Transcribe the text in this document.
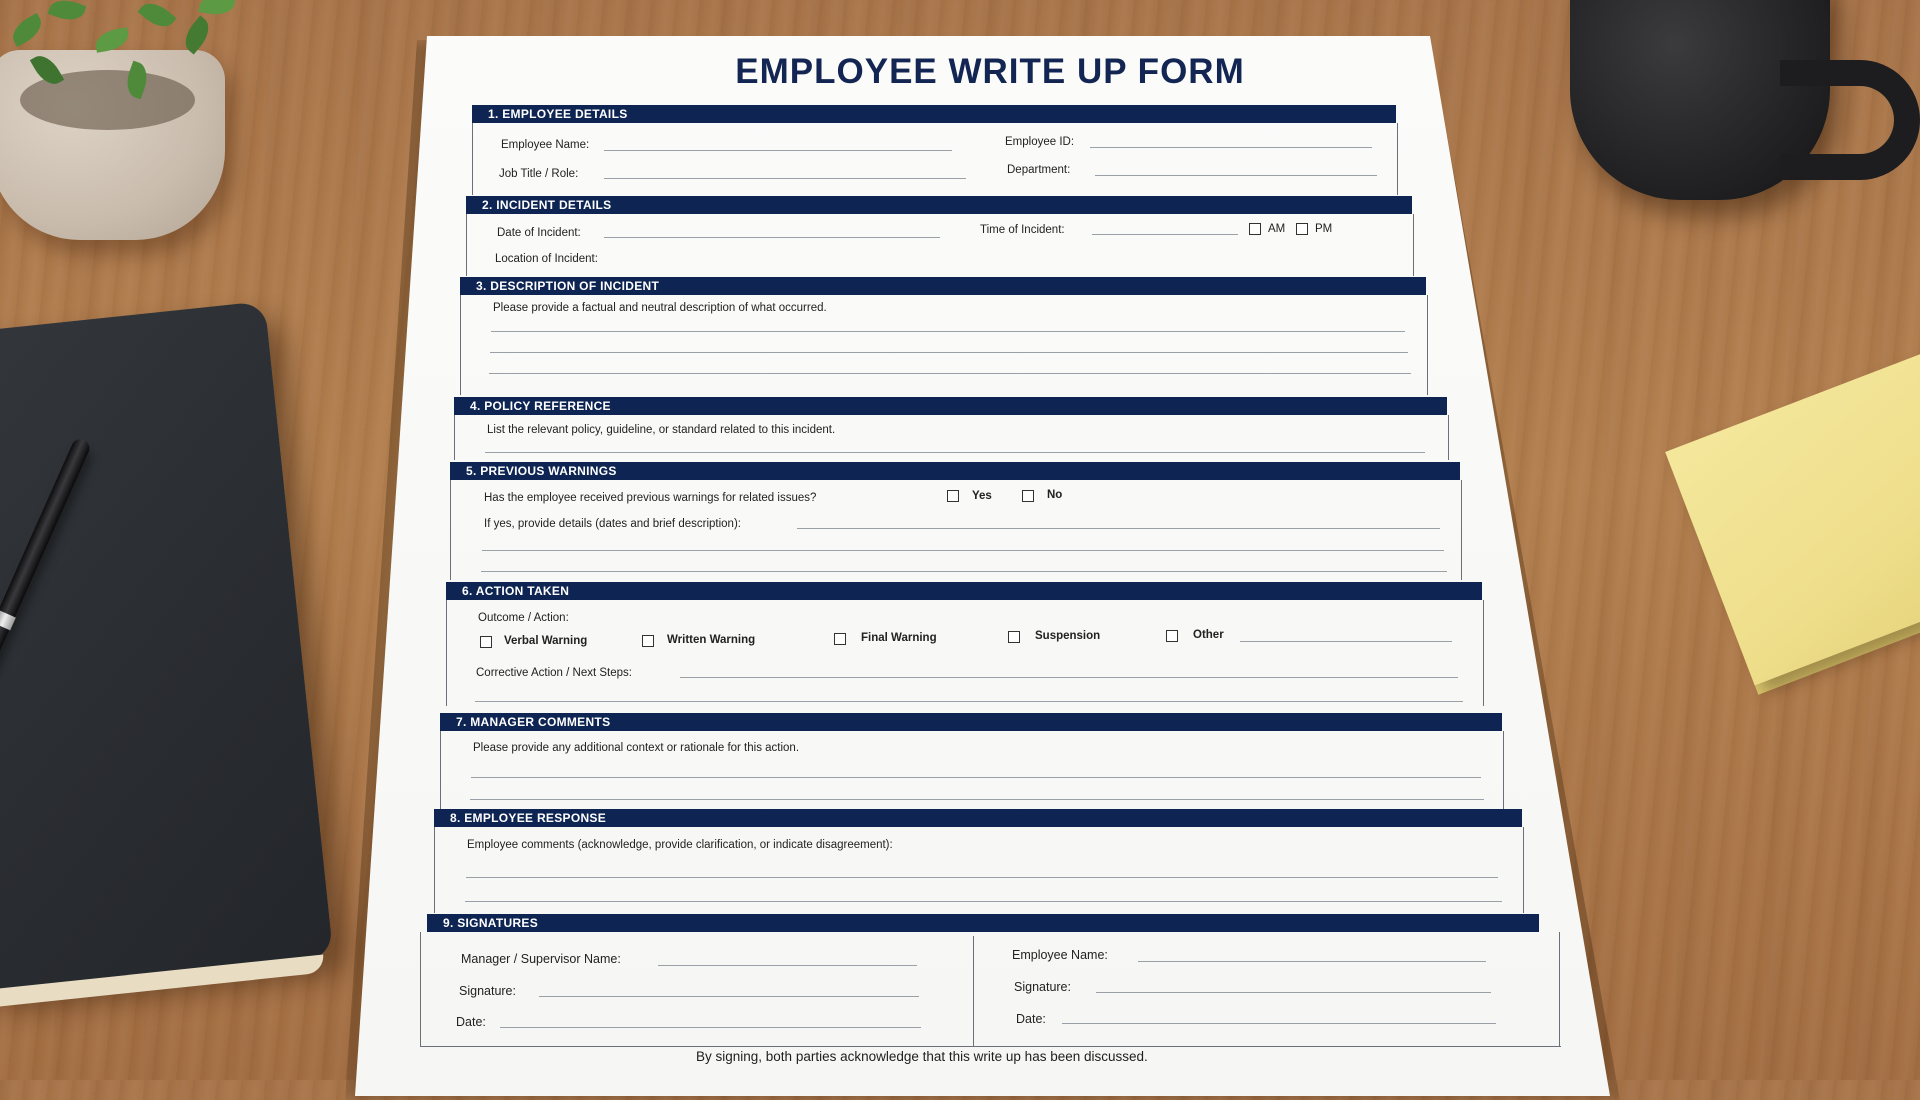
EMPLOYEE WRITE UP FORM
1. EMPLOYEE DETAILS
Employee Name:	Employee ID:
Job Title / Role:	Department:
2. INCIDENT DETAILS
Date of Incident:	Time of Incident:	AM	PM
Location of Incident:
3. DESCRIPTION OF INCIDENT
Please provide a factual and neutral description of what occurred.
4. POLICY REFERENCE
List the relevant policy, guideline, or standard related to this incident.
5. PREVIOUS WARNINGS
Has the employee received previous warnings for related issues?	Yes	No
If yes, provide details (dates and brief description):
6. ACTION TAKEN
Outcome / Action:
Verbal Warning	Written Warning	Final Warning	Suspension	Other
Corrective Action / Next Steps:
7. MANAGER COMMENTS
Please provide any additional context or rationale for this action.
8. EMPLOYEE RESPONSE
Employee comments (acknowledge, provide clarification, or indicate disagreement):
9. SIGNATURES
Manager / Supervisor Name:
Signature:
Date:
Employee Name:
Signature:
Date:
By signing, both parties acknowledge that this write up has been discussed.
